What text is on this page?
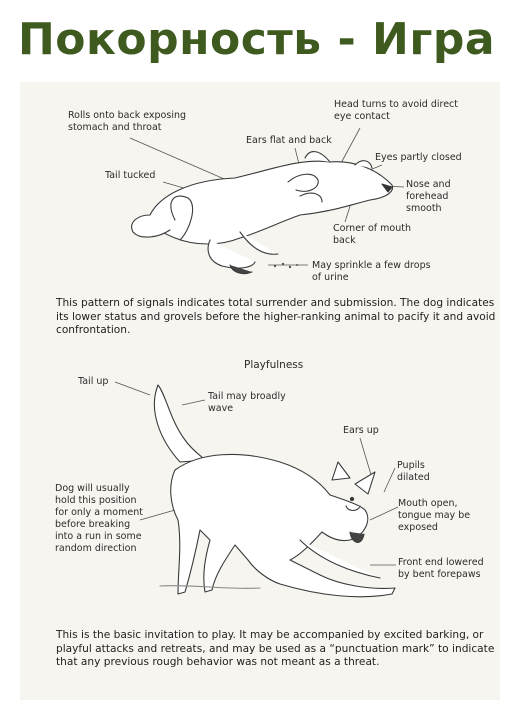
Покорность - Игра
Rolls onto back exposing
stomach and throat
Head turns to avoid direct
eye contact
Ears flat and back
Eyes partly closed
Tail tucked
Nose and
forehead
smooth
Corner of mouth
back
May sprinkle a few drops
of urine
This pattern of signals indicates total surrender and submission. The dog indicates its lower status and grovels before the higher-ranking animal to pacify it and avoid confrontation.
Playfulness
Tail up
Tail may broadly
wave
Ears up
Pupils
dilated
Dog will usually
hold this position
for only a moment
before breaking
into a run in some
random direction
Mouth open,
tongue may be
exposed
Front end lowered
by bent forepaws
This is the basic invitation to play. It may be accompanied by excited barking, or playful attacks and retreats, and may be used as a “punctuation mark” to indicate that any previous rough behavior was not meant as a threat.
